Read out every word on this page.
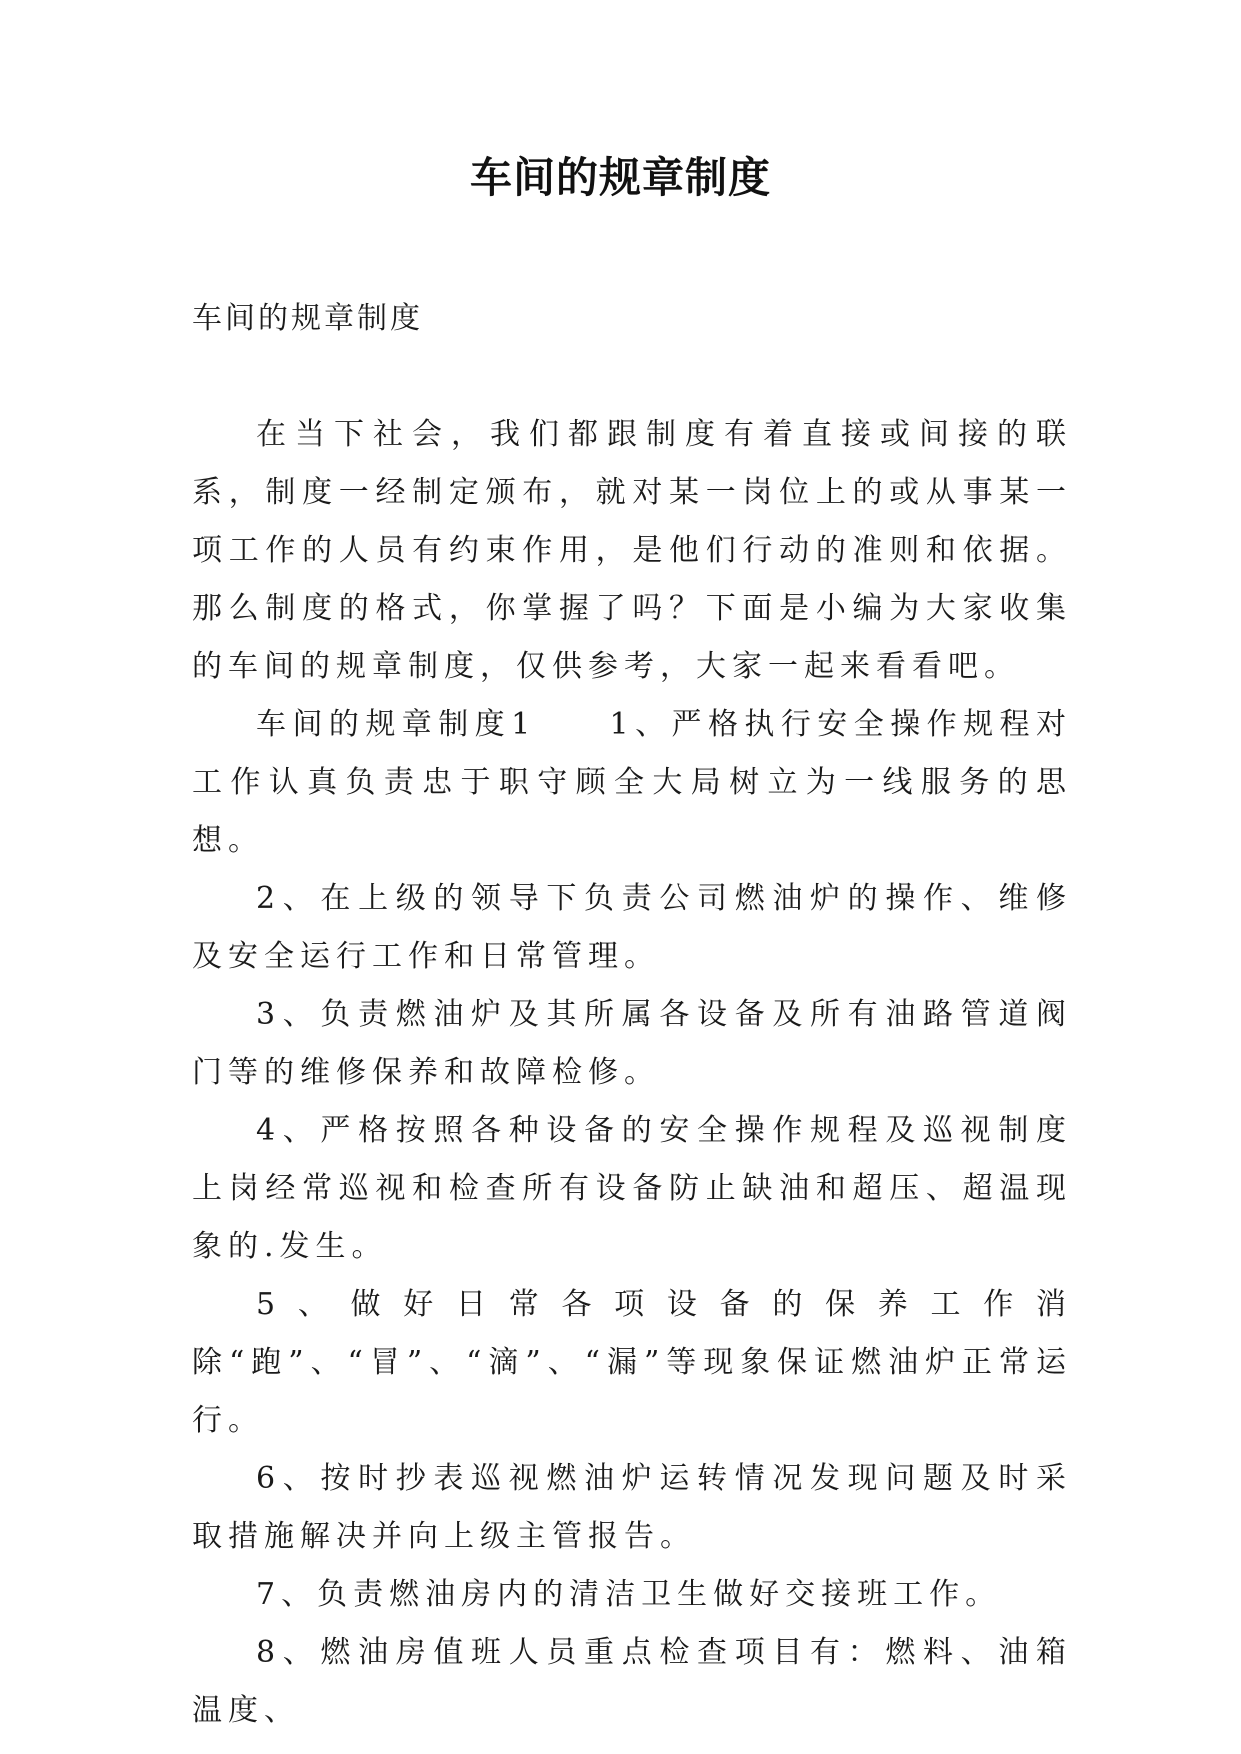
车间的规章制度

车间的规章制度

在当下社会，我们都跟制度有着直接或间接的联系，制度一经制定颁布，就对某一岗位上的或从事某一项工作的人员有约束作用，是他们行动的准则和依据。那么制度的格式，你掌握了吗？下面是小编为大家收集的车间的规章制度，仅供参考，大家一起来看看吧。

车间的规章制度1　　1、严格执行安全操作规程对工作认真负责忠于职守顾全大局树立为一线服务的思想。

2、在上级的领导下负责公司燃油炉的操作、维修及安全运行工作和日常管理。

3、负责燃油炉及其所属各设备及所有油路管道阀门等的维修保养和故障检修。

4、严格按照各种设备的安全操作规程及巡视制度上岗经常巡视和检查所有设备防止缺油和超压、超温现象的.发生。

5、做好日常各项设备的保养工作消除“跑”、“冒”、“滴”、“漏”等现象保证燃油炉正常运行。

6、按时抄表巡视燃油炉运转情况发现问题及时采取措施解决并向上级主管报告。

7、负责燃油房内的清洁卫生做好交接班工作。

8、燃油房值班人员重点检查项目有：燃料、油箱温度、
